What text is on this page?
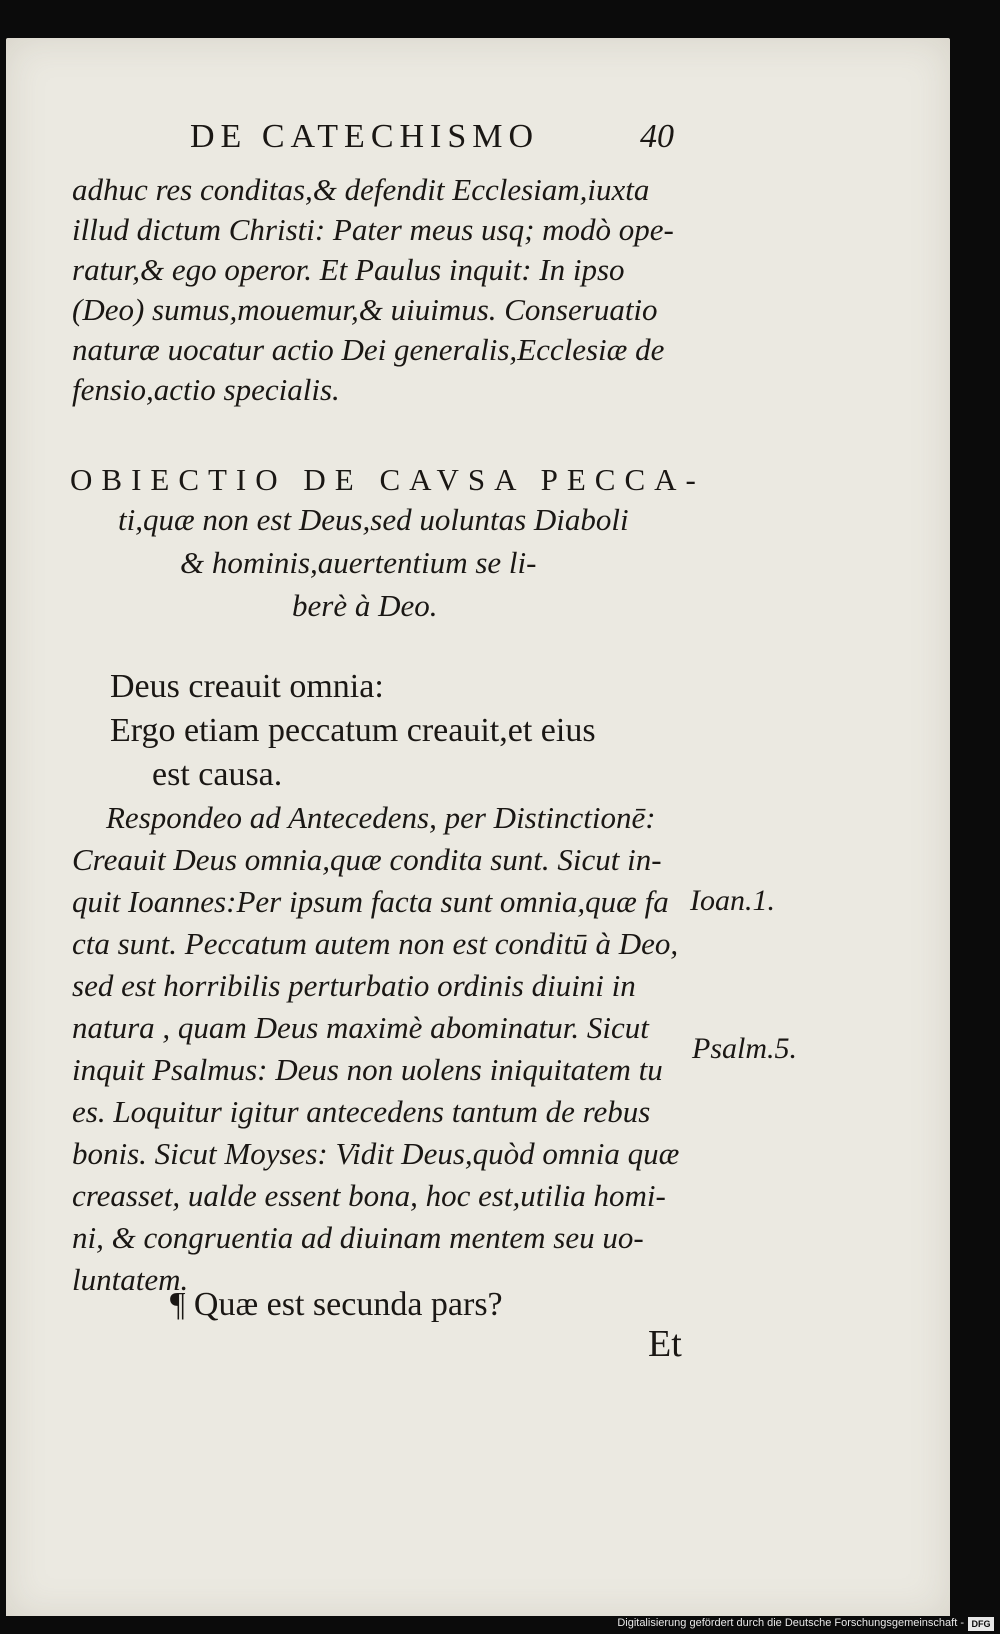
DE CATECHISMO	40
adhuc res conditas,& defendit Ecclesiam,iuxta
illud dictum Christi: Pater meus usq; modò ope-
ratur,& ego operor. Et Paulus inquit: In ipso
(Deo) sumus,mouemur,& uiuimus. Conseruatio
naturæ uocatur actio Dei generalis,Ecclesiæ de
fensio,actio specialis.
OBIECTIO DE CAVSA PECCA-
ti,quæ non est Deus,sed uoluntas Diaboli
& hominis,auertentium se li-
berè à Deo.
Deus creauit omnia:
Ergo etiam peccatum creauit,et eius
est causa.
Respondeo ad Antecedens, per Distinctionē:
Creauit Deus omnia,quæ condita sunt. Sicut in-
quit Ioannes:Per ipsum facta sunt omnia,quæ fa
cta sunt. Peccatum autem non est conditū à Deo,
sed est horribilis perturbatio ordinis diuini in
natura , quam Deus maximè abominatur. Sicut
inquit Psalmus: Deus non uolens iniquitatem tu
es. Loquitur igitur antecedens tantum de rebus
bonis. Sicut Moyses: Vidit Deus,quòd omnia quæ
creasset, ualde essent bona, hoc est,utilia homi-
ni, & congruentia ad diuinam mentem seu uo-
luntatem.
Ioan.1.
Psalm.5.
¶ Quæ est secunda pars?
Et
Digitalisierung gefördert durch die Deutsche Forschungsgemeinschaft - DFG
